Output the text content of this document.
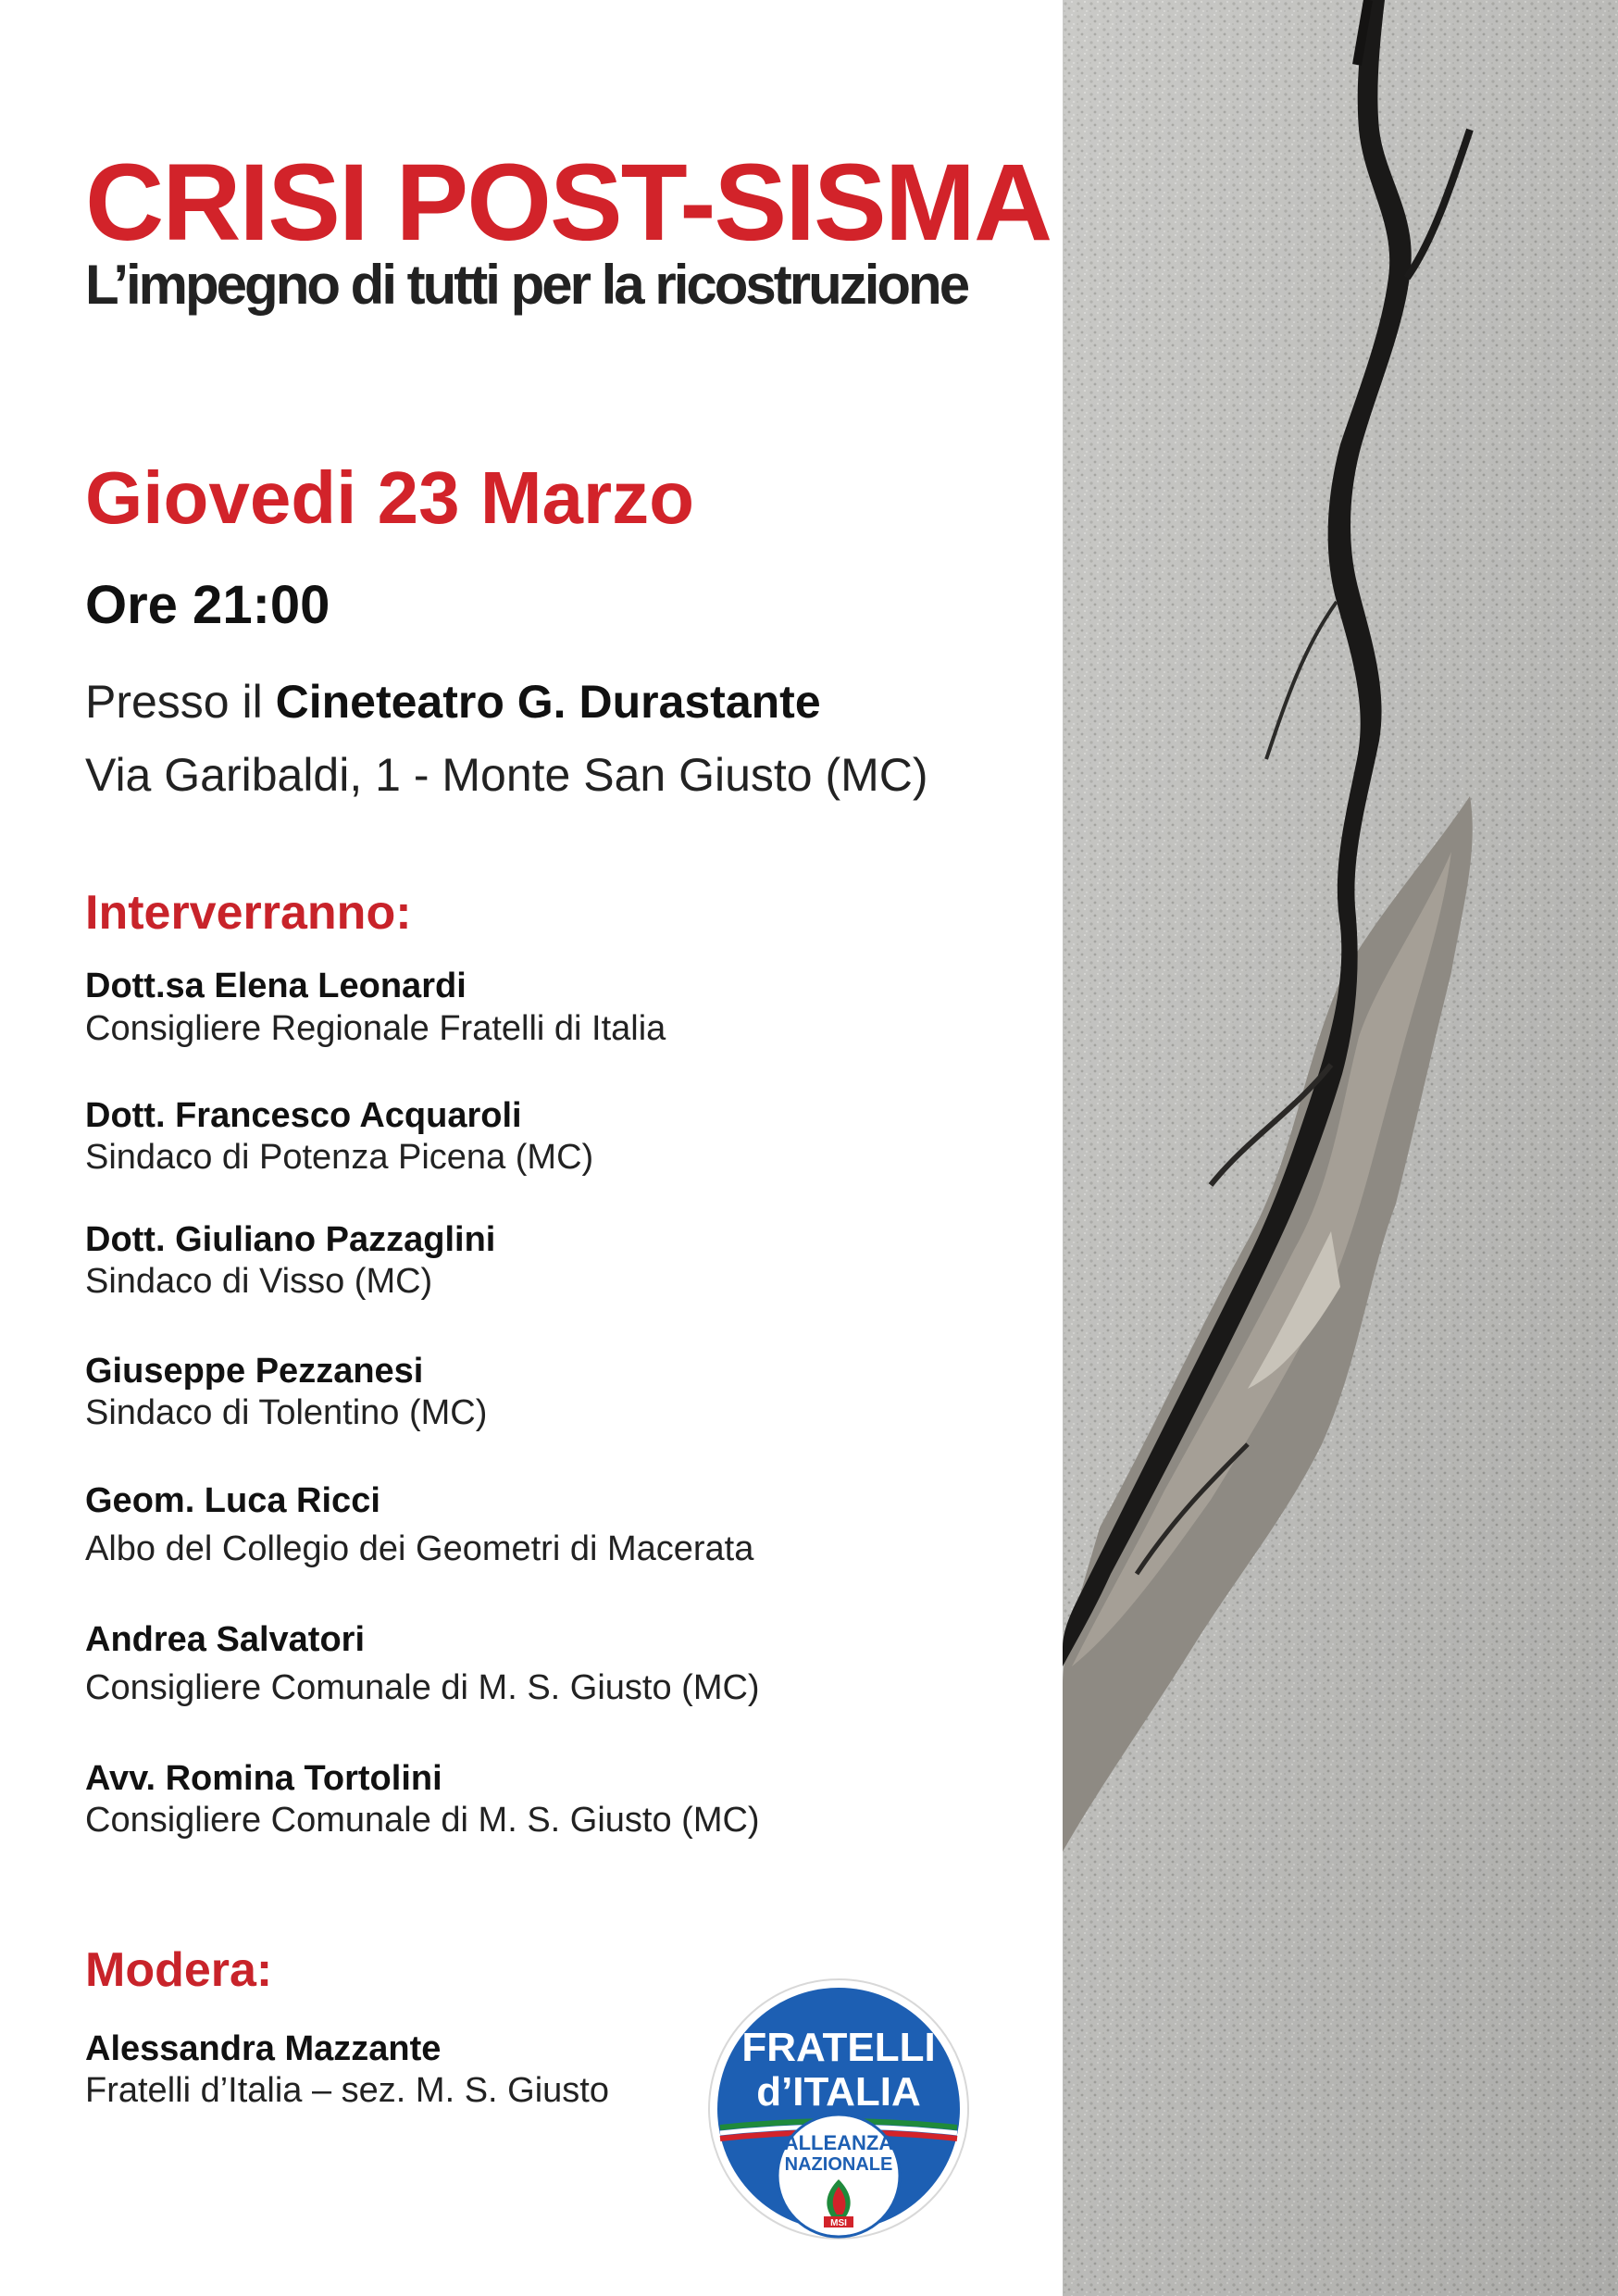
CRISI POST-SISMA
L’impegno di tutti per la ricostruzione
Giovedi 23 Marzo
Ore 21:00
Presso il Cineteatro G. Durastante
Via Garibaldi, 1 - Monte San Giusto (MC)
Interverranno:
Dott.sa Elena Leonardi
Consigliere Regionale Fratelli di Italia
Dott. Francesco Acquaroli
Sindaco di Potenza Picena (MC)
Dott. Giuliano Pazzaglini
Sindaco di Visso (MC)
Giuseppe Pezzanesi
Sindaco di Tolentino (MC)
Geom. Luca Ricci
Albo del Collegio dei Geometri di Macerata
Andrea Salvatori
Consigliere Comunale di M. S. Giusto (MC)
Avv. Romina Tortolini
Consigliere Comunale di M. S. Giusto (MC)
Modera:
Alessandra Mazzante
Fratelli d’Italia – sez. M. S. Giusto
FRATELLI
d’ITALIA
ALLEANZA
NAZIONALE
MSI
